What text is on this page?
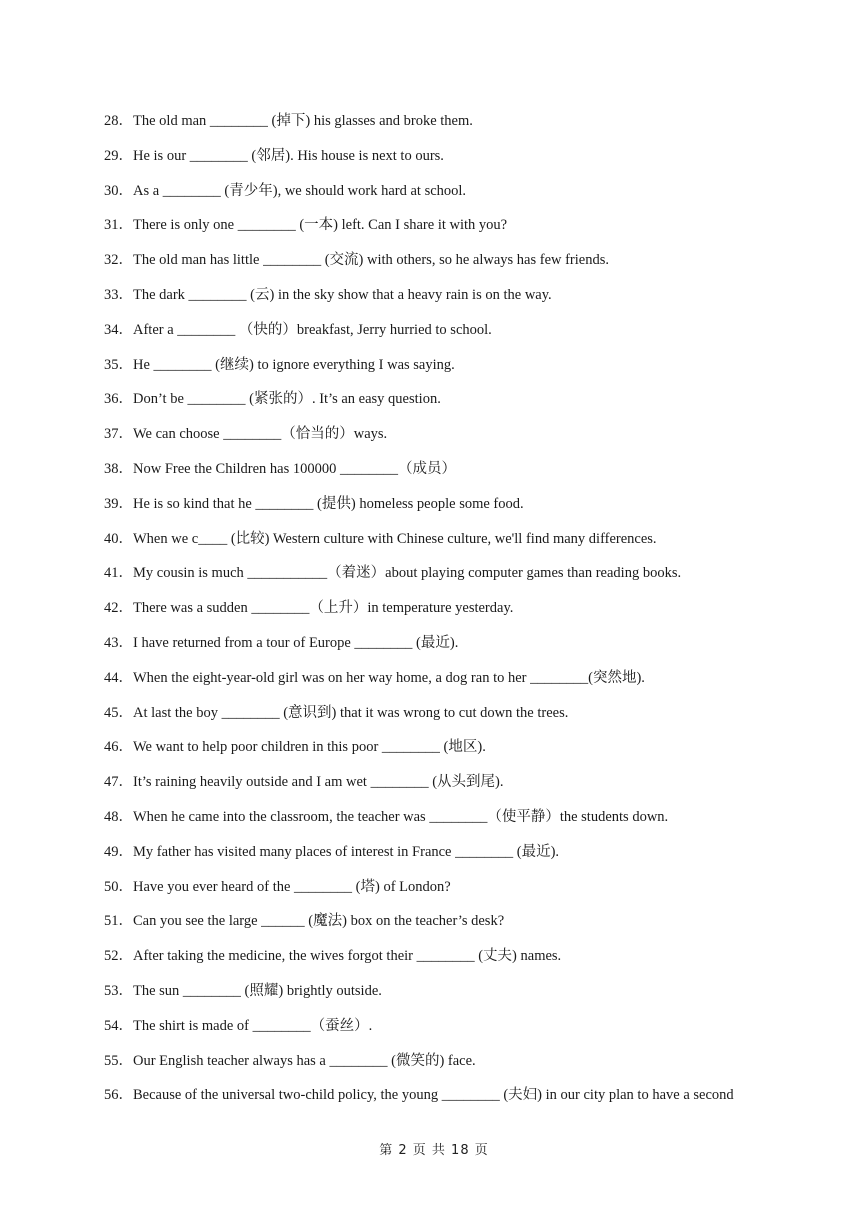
28．The old man ________ (掉下) his glasses and broke them.
29．He is our ________ (邻居). His house is next to ours.
30．As a ________ (青少年), we should work hard at school.
31．There is only one ________ (一本) left. Can I share it with you?
32．The old man has little ________ (交流) with others, so he always has few friends.
33．The dark ________ (云) in the sky show that a heavy rain is on the way.
34．After a ________ （快的）breakfast, Jerry hurried to school.
35．He ________ (继续) to ignore everything I was saying.
36．Don’t be ________ (紧张的）. It’s an easy question.
37．We can choose ________（恰当的）ways.
38．Now Free the Children has 100000 ________（成员）
39．He is so kind that he ________ (提供) homeless people some food.
40．When we c____ (比较) Western culture with Chinese culture, we'll find many differences.
41．My cousin is much ___________（着迷）about playing computer games than reading books.
42．There was a sudden ________（上升）in temperature yesterday.
43．I have returned from a tour of Europe ________ (最近).
44．When the eight-year-old girl was on her way home, a dog ran to her ________(突然地).
45．At last the boy ________ (意识到) that it was wrong to cut down the trees.
46．We want to help poor children in this poor ________ (地区).
47．It’s raining heavily outside and I am wet ________ (从头到尾).
48．When he came into the classroom, the teacher was ________（使平静）the students down.
49．My father has visited many places of interest in France ________ (最近).
50．Have you ever heard of the ________ (塔) of London?
51．Can you see the large ______ (魔法) box on the teacher’s desk?
52．After taking the medicine, the wives forgot their ________ (丈夫) names.
53．The sun ________ (照耀) brightly outside.
54．The shirt is made of ________（蚕丝）.
55．Our English teacher always has a ________ (微笑的) face.
56．Because of the universal two-child policy, the young ________ (夫妇) in our city plan to have a second
第 2 页 共 18 页
